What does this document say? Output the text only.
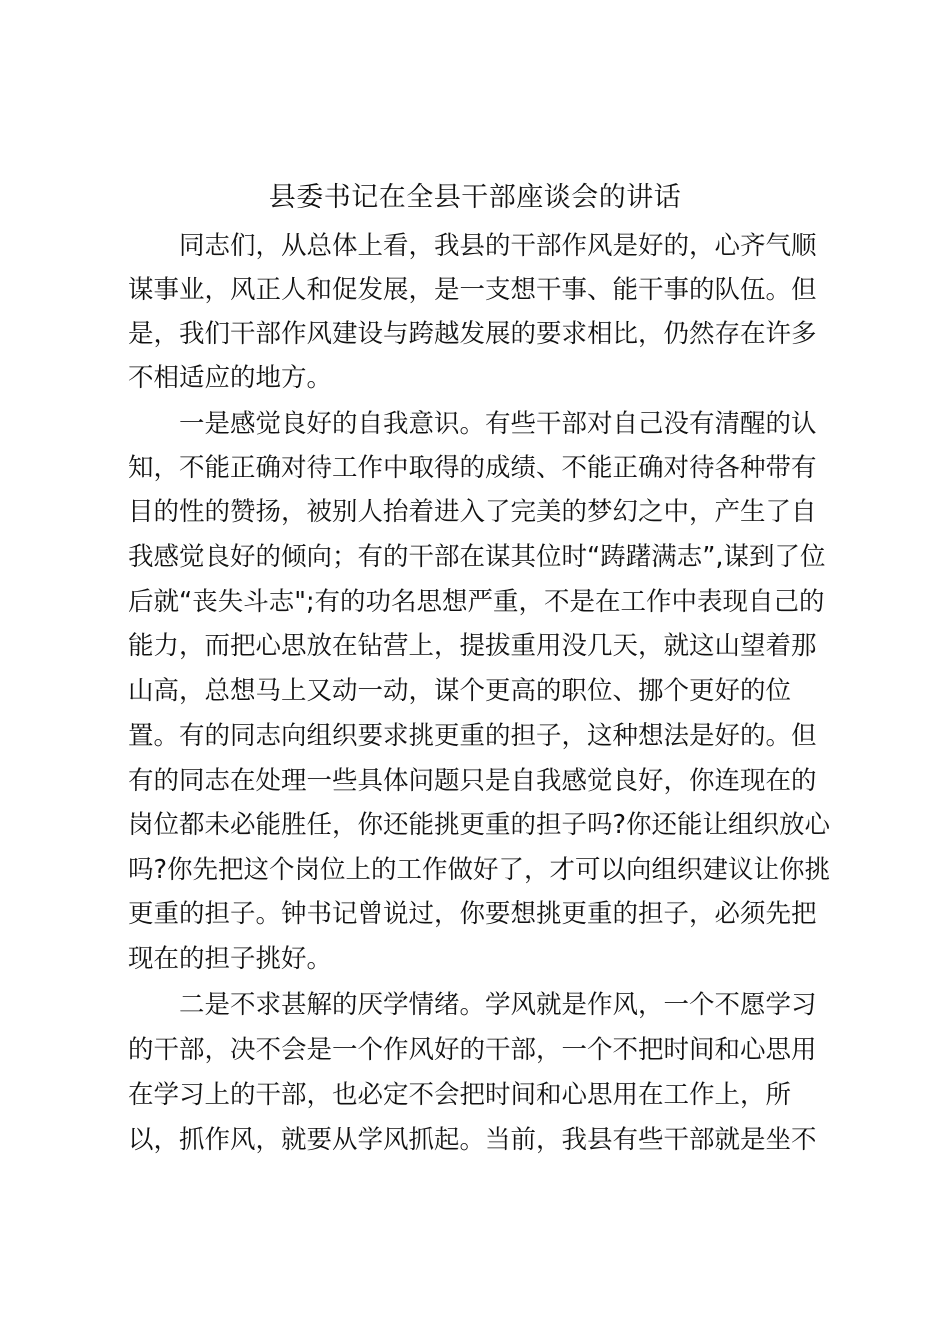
县委书记在全县干部座谈会的讲话
　　同志们，从总体上看，我县的干部作风是好的，心齐气顺
谋事业，风正人和促发展，是一支想干事、能干事的队伍。但
是，我们干部作风建设与跨越发展的要求相比，仍然存在许多
不相适应的地方。
　　一是感觉良好的自我意识。有些干部对自己没有清醒的认
知，不能正确对待工作中取得的成绩、不能正确对待各种带有
目的性的赞扬，被别人抬着进入了完美的梦幻之中，产生了自
我感觉良好的倾向；有的干部在谋其位时“踌躇满志”,谋到了位
后就“丧失斗志";有的功名思想严重，不是在工作中表现自己的
能力，而把心思放在钻营上，提拔重用没几天，就这山望着那
山高，总想马上又动一动，谋个更高的职位、挪个更好的位
置。有的同志向组织要求挑更重的担子，这种想法是好的。但
有的同志在处理一些具体问题只是自我感觉良好，你连现在的
岗位都未必能胜任，你还能挑更重的担子吗?你还能让组织放心
吗?你先把这个岗位上的工作做好了，才可以向组织建议让你挑
更重的担子。钟书记曾说过，你要想挑更重的担子，必须先把
现在的担子挑好。
　　二是不求甚解的厌学情绪。学风就是作风，一个不愿学习
的干部，决不会是一个作风好的干部，一个不把时间和心思用
在学习上的干部，也必定不会把时间和心思用在工作上，所
以，抓作风，就要从学风抓起。当前，我县有些干部就是坐不
